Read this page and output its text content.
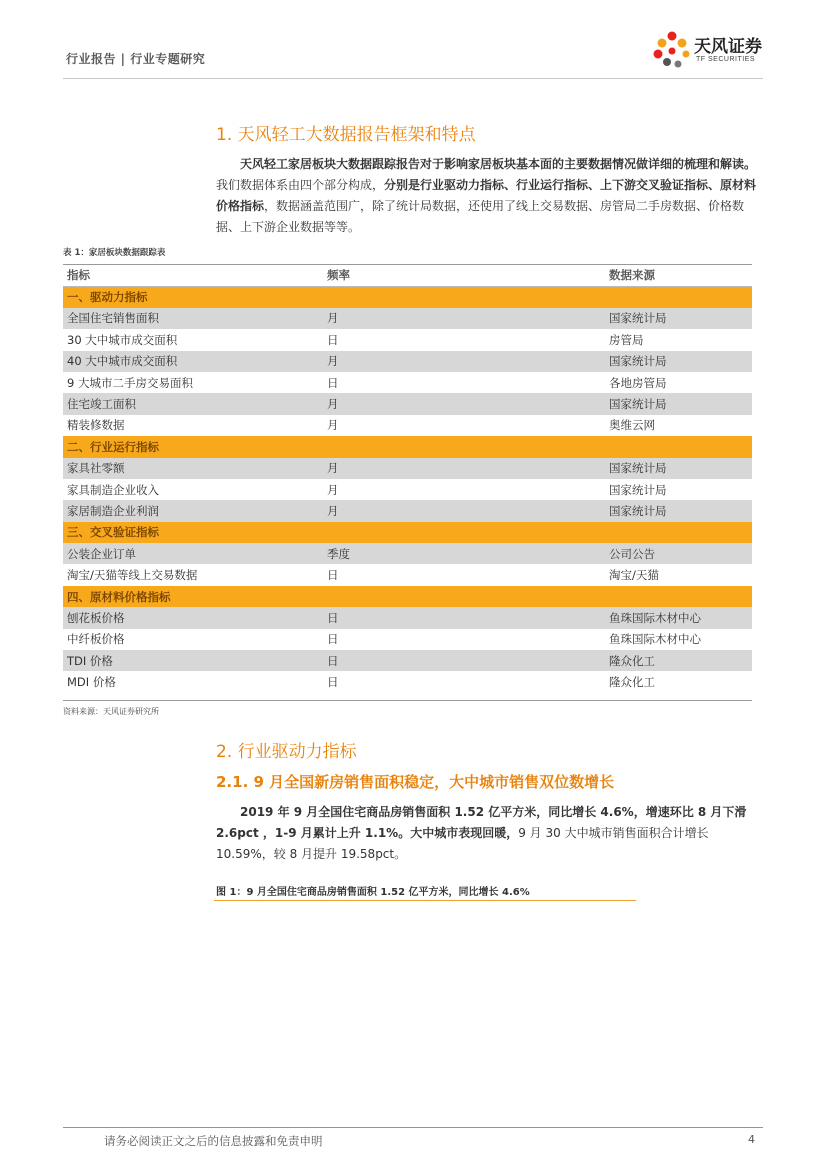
行业报告 | 行业专题研究
天风证券
TF SECURITIES
1. 天风轻工大数据报告框架和特点
天风轻工家居板块大数据跟踪报告对于影响家居板块基本面的主要数据情况做详细的梳理和解读。我们数据体系由四个部分构成，分别是行业驱动力指标、行业运行指标、上下游交叉验证指标、原材料价格指标，数据涵盖范围广，除了统计局数据，还使用了线上交易数据、房管局二手房数据、价格数据、上下游企业数据等等。
表 1：家居板块数据跟踪表
指标	频率	数据来源
一、驱动力指标		
全国住宅销售面积	月	国家统计局
30 大中城市成交面积	日	房管局
40 大中城市成交面积	月	国家统计局
9 大城市二手房交易面积	日	各地房管局
住宅竣工面积	月	国家统计局
精装修数据	月	奥维云网
二、行业运行指标		
家具社零额	月	国家统计局
家具制造企业收入	月	国家统计局
家居制造企业利润	月	国家统计局
三、交叉验证指标		
公装企业订单	季度	公司公告
淘宝/天猫等线上交易数据	日	淘宝/天猫
四、原材料价格指标		
刨花板价格	日	鱼珠国际木材中心
中纤板价格	日	鱼珠国际木材中心
TDI 价格	日	隆众化工
MDI 价格	日	隆众化工
资料来源：天风证券研究所
2. 行业驱动力指标
2.1. 9 月全国新房销售面积稳定，大中城市销售双位数增长
2019 年 9 月全国住宅商品房销售面积 1.52 亿平方米，同比增长 4.6%，增速环比 8 月下滑 2.6pct ，1-9 月累计上升 1.1%。大中城市表现回暖，9 月 30 大中城市销售面积合计增长 10.59%，较 8 月提升 19.58pct。
图 1：9 月全国住宅商品房销售面积 1.52 亿平方米，同比增长 4.6%
请务必阅读正文之后的信息披露和免责申明	4
